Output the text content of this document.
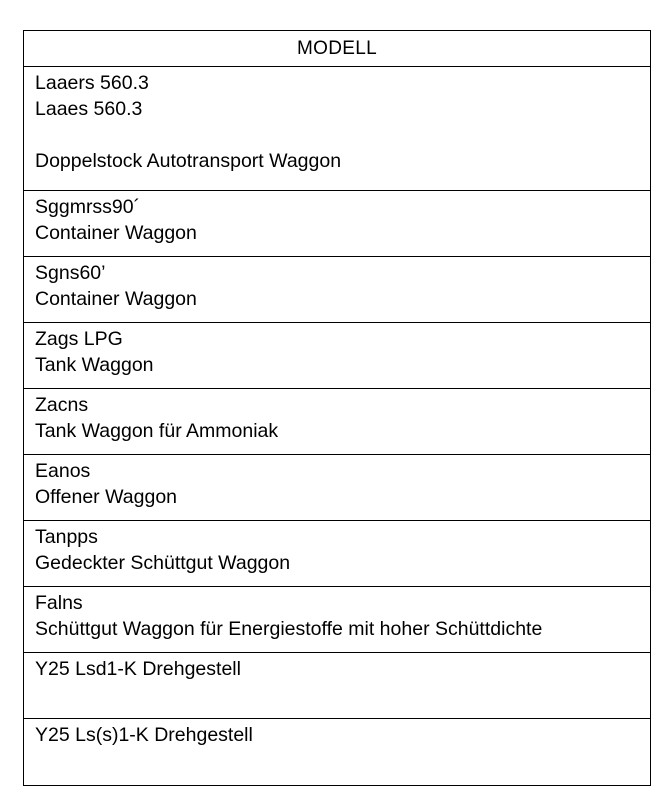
MODELL
Laaers 560.3
Laaes 560.3
Doppelstock Autotransport Waggon
Sggmrss90´
Container Waggon
Sgns60’
Container Waggon
Zags LPG
Tank Waggon
Zacns
Tank Waggon für Ammoniak
Eanos
Offener Waggon
Tanpps
Gedeckter Schüttgut Waggon
Falns
Schüttgut Waggon für Energiestoffe mit hoher Schüttdichte
Y25 Lsd1-K Drehgestell
Y25 Ls(s)1-K Drehgestell
